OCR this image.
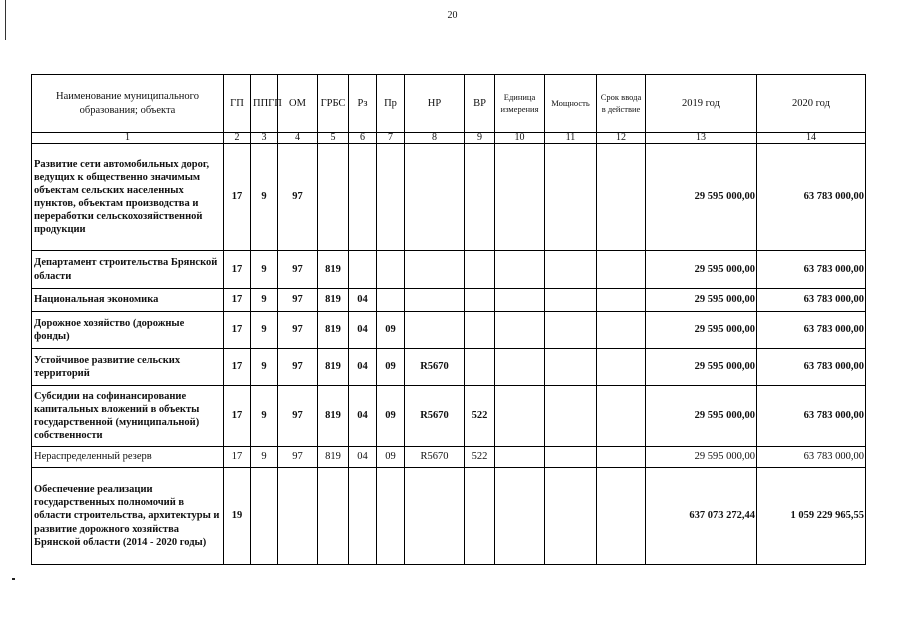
20
Наименование муниципального образования; объекта	ГП	ППГП	ОМ	ГРБС	Рз	Пр	НР	ВР	Единица измерения	Мощность	Срок ввода в действие	2019 год	2020 год
1	2	3	4	5	6	7	8	9	10	11	12	13	14
Развитие сети автомобильных дорог, ведущих к общественно значимым объектам сельских населенных пунктов, объектам производства и переработки сельскохозяйственной продукции	17	9	97									29 595 000,00	63 783 000,00
Департамент строительства Брянской области	17	9	97	819								29 595 000,00	63 783 000,00
Национальная экономика	17	9	97	819	04							29 595 000,00	63 783 000,00
Дорожное хозяйство (дорожные фонды)	17	9	97	819	04	09						29 595 000,00	63 783 000,00
Устойчивое развитие сельских территорий	17	9	97	819	04	09	R5670					29 595 000,00	63 783 000,00
Субсидии на софинансирование капитальных вложений в объекты государственной (муниципальной) собственности	17	9	97	819	04	09	R5670	522				29 595 000,00	63 783 000,00
Нераспределенный резерв	17	9	97	819	04	09	R5670	522				29 595 000,00	63 783 000,00
Обеспечение реализации государственных полномочий в области строительства, архитектуры и развитие дорожного хозяйства Брянской области (2014 - 2020 годы)	19											637 073 272,44	1 059 229 965,55
